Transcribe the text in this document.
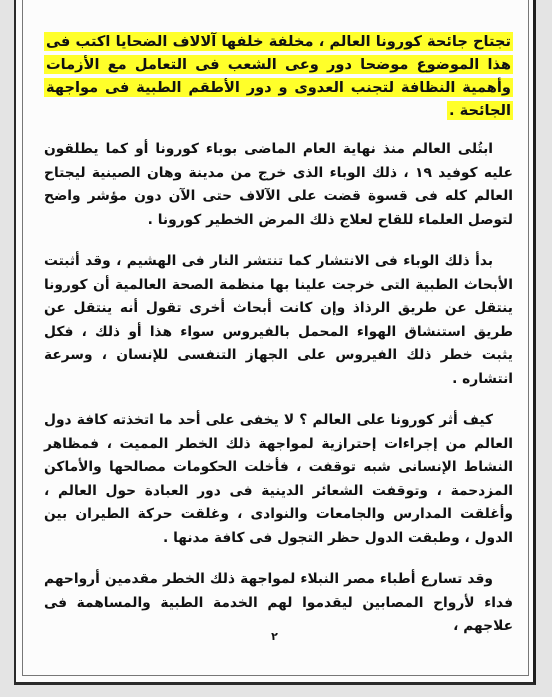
تجتاح جائحة كورونا العالم ، مخلفة خلفها آلالاف الضحايا اكتب فى هذا الموضوع موضحا دور وعى الشعب فى التعامل مع الأزمات وأهمية النظافة لتجنب العدوى و دور الأطقم الطبية فى مواجهة الجائحة .

ابتُلى العالم منذ نهاية العام الماضى بوباء كورونا أو كما يطلقون عليه كوفيد ١٩ ، ذلك الوباء الذى خرج من مدينة وهان الصينية ليجتاح العالم كله فى قسوة قضت على الآلاف حتى الآن دون مؤشر واضح لتوصل العلماء للقاح لعلاج ذلك المرض الخطير كورونا .

بدأ ذلك الوباء فى الانتشار كما تنتشر النار فى الهشيم ، وقد أثبتت الأبحاث الطبية التى خرجت علينا بها منظمة الصحة العالمية أن كورونا ينتقل عن طريق الرذاذ وإن كانت أبحاث أخرى تقول أنه ينتقل عن طريق استنشاق الهواء المحمل بالفيروس سواء هذا أو ذلك ، فكل يثبت خطر ذلك الفيروس على الجهاز التنفسى للإنسان ، وسرعة انتشاره .

كيف أثر كورونا على العالم ؟ لا يخفى على أحد ما اتخذته كافة دول العالم من إجراءات إحترازية لمواجهة ذلك الخطر المميت ، فمظاهر النشاط الإنسانى شبه توقفت ، فأخلت الحكومات مصالحها والأماكن المزدحمة ، وتوقفت الشعائر الدينية فى دور العبادة حول العالم ، وأغلقت المدارس والجامعات والنوادى ، وغلقت حركة الطيران بين الدول ، وطبقت الدول حظر التجول فى كافة مدنها .

وقد تسارع أطباء مصر النبلاء لمواجهة ذلك الخطر مقدمين أرواحهم فداء لأرواح المصابين ليقدموا لهم الخدمة الطبية والمساهمة فى علاجهم ،

٢
